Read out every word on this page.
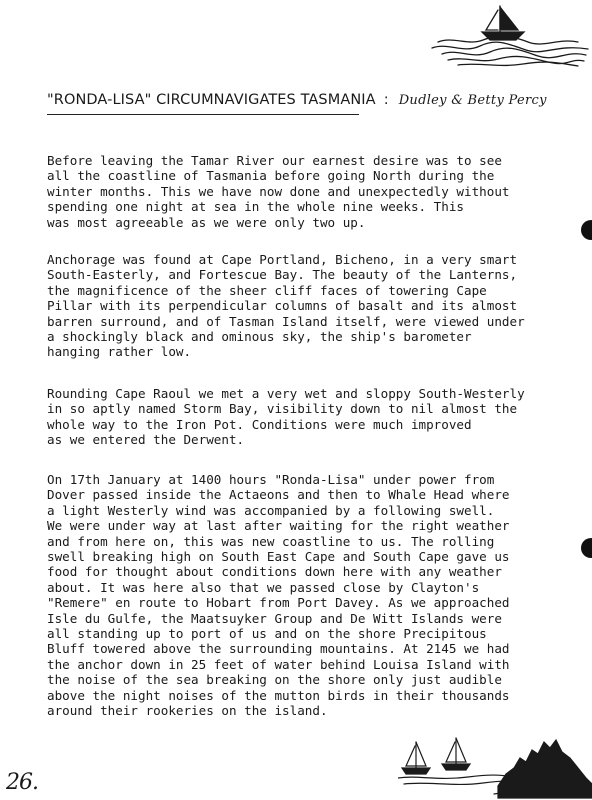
"RONDA-LISA" CIRCUMNAVIGATES TASMANIA : Dudley & Betty Percy
Before leaving the Tamar River our earnest desire was to see
all the coastline of Tasmania before going North during the
winter months. This we have now done and unexpectedly without
spending one night at sea in the whole nine weeks. This
was most agreeable as we were only two up.
Anchorage was found at Cape Portland, Bicheno, in a very smart
South-Easterly, and Fortescue Bay. The beauty of the Lanterns,
the magnificence of the sheer cliff faces of towering Cape
Pillar with its perpendicular columns of basalt and its almost
barren surround, and of Tasman Island itself, were viewed under
a shockingly black and ominous sky, the ship's barometer
hanging rather low.
Rounding Cape Raoul we met a very wet and sloppy South-Westerly
in so aptly named Storm Bay, visibility down to nil almost the
whole way to the Iron Pot. Conditions were much improved
as we entered the Derwent.
On 17th January at 1400 hours "Ronda-Lisa" under power from
Dover passed inside the Actaeons and then to Whale Head where
a light Westerly wind was accompanied by a following swell.
We were under way at last after waiting for the right weather
and from here on, this was new coastline to us. The rolling
swell breaking high on South East Cape and South Cape gave us
food for thought about conditions down here with any weather
about. It was here also that we passed close by Clayton's
"Remere" en route to Hobart from Port Davey. As we approached
Isle du Gulfe, the Maatsuyker Group and De Witt Islands were
all standing up to port of us and on the shore Precipitous
Bluff towered above the surrounding mountains. At 2145 we had
the anchor down in 25 feet of water behind Louisa Island with
the noise of the sea breaking on the shore only just audible
above the night noises of the mutton birds in their thousands
around their rookeries on the island.
26.
